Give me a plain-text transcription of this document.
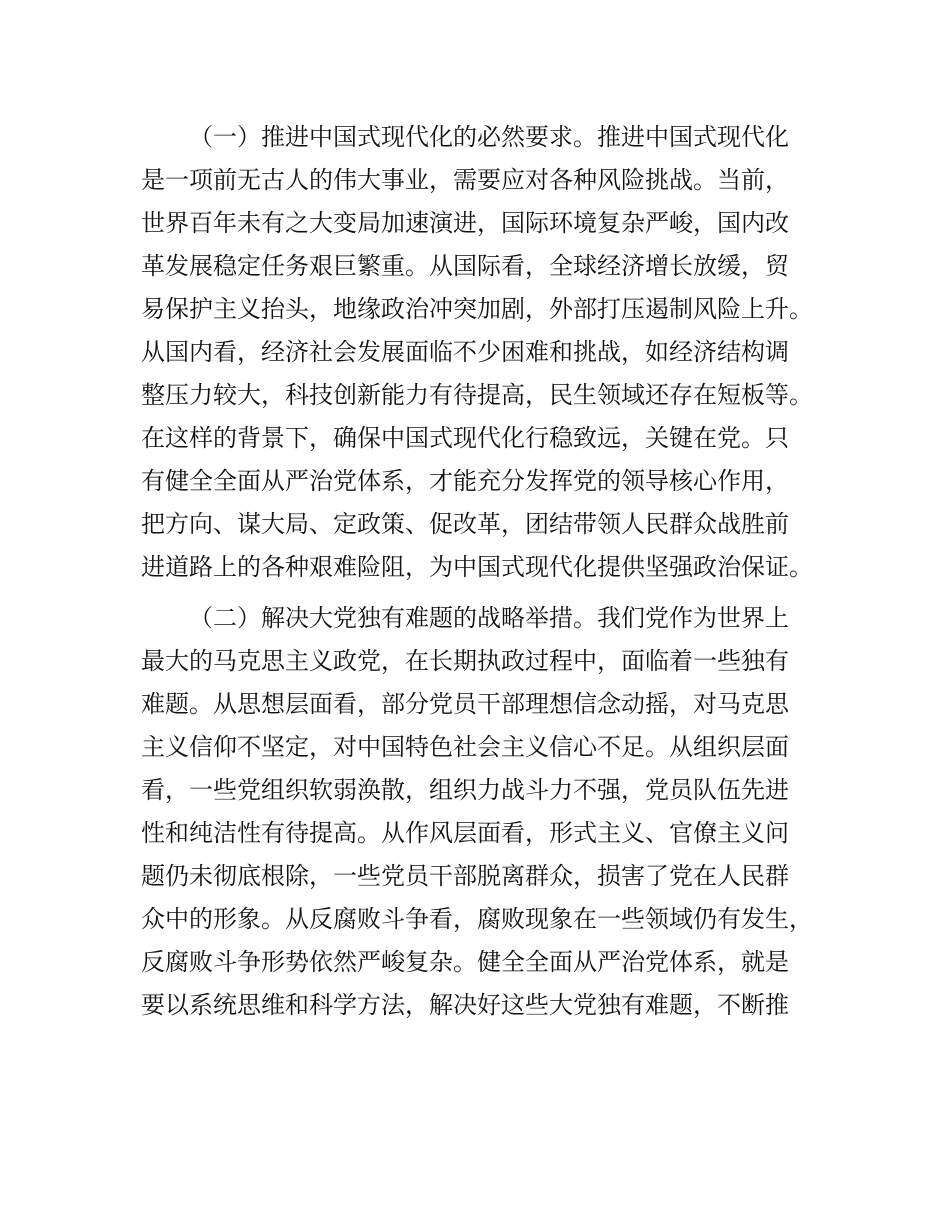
（一）推进中国式现代化的必然要求。推进中国式现代化
是一项前无古人的伟大事业，需要应对各种风险挑战。当前，
世界百年未有之大变局加速演进，国际环境复杂严峻，国内改
革发展稳定任务艰巨繁重。从国际看，全球经济增长放缓，贸
易保护主义抬头，地缘政治冲突加剧，外部打压遏制风险上升。
从国内看，经济社会发展面临不少困难和挑战，如经济结构调
整压力较大，科技创新能力有待提高，民生领域还存在短板等。
在这样的背景下，确保中国式现代化行稳致远，关键在党。只
有健全全面从严治党体系，才能充分发挥党的领导核心作用，
把方向、谋大局、定政策、促改革，团结带领人民群众战胜前
进道路上的各种艰难险阻，为中国式现代化提供坚强政治保证。
（二）解决大党独有难题的战略举措。我们党作为世界上
最大的马克思主义政党，在长期执政过程中，面临着一些独有
难题。从思想层面看，部分党员干部理想信念动摇，对马克思
主义信仰不坚定，对中国特色社会主义信心不足。从组织层面
看，一些党组织软弱涣散，组织力战斗力不强，党员队伍先进
性和纯洁性有待提高。从作风层面看，形式主义、官僚主义问
题仍未彻底根除，一些党员干部脱离群众，损害了党在人民群
众中的形象。从反腐败斗争看，腐败现象在一些领域仍有发生，
反腐败斗争形势依然严峻复杂。健全全面从严治党体系，就是
要以系统思维和科学方法，解决好这些大党独有难题，不断推
